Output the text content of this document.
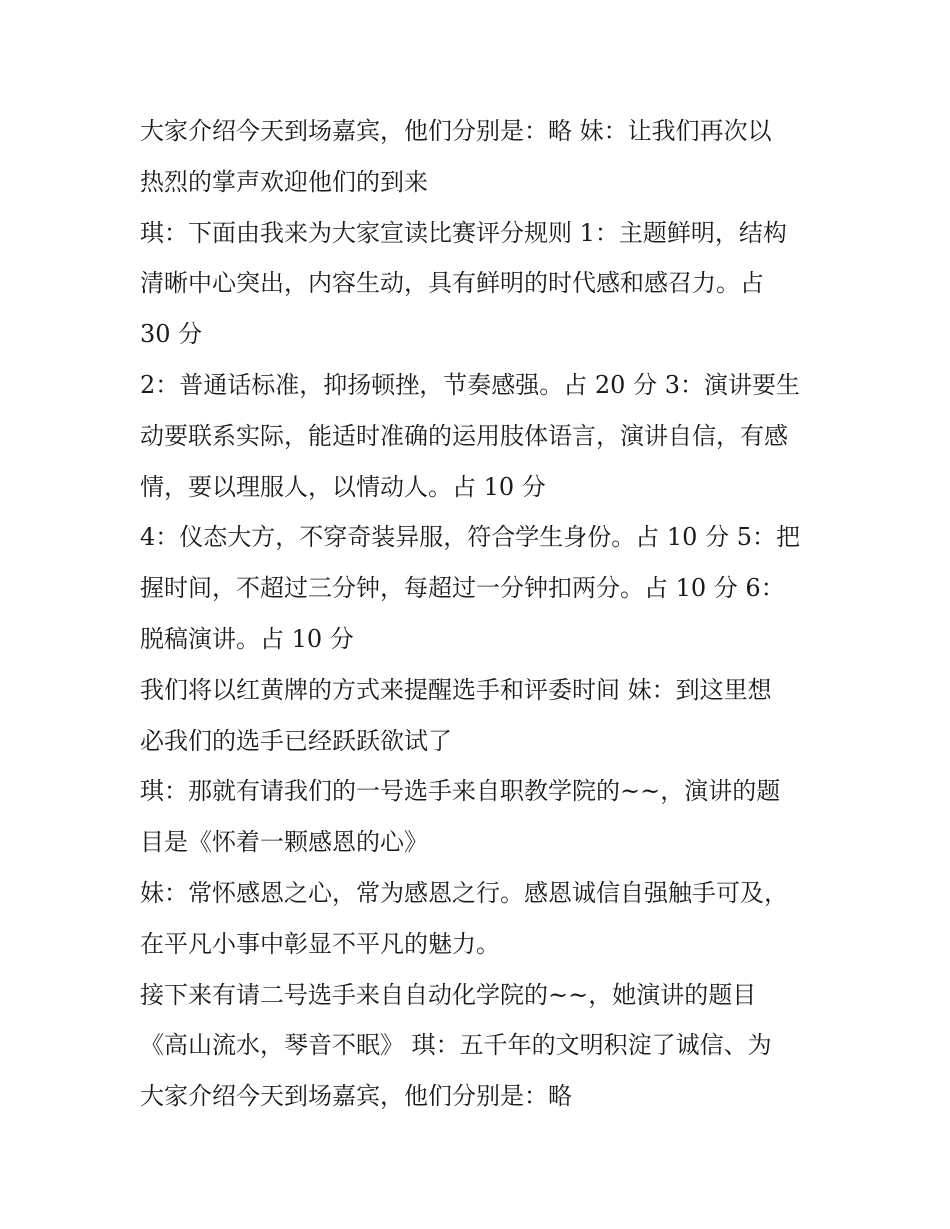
大家介绍今天到场嘉宾，他们分别是：略 妹：让我们再次以
热烈的掌声欢迎他们的到来
琪：下面由我来为大家宣读比赛评分规则 1：主题鲜明，结构
清晰中心突出，内容生动，具有鲜明的时代感和感召力。占
30 分
2：普通话标准，抑扬顿挫，节奏感强。占 20 分 3：演讲要生
动要联系实际，能适时准确的运用肢体语言，演讲自信，有感
情，要以理服人，以情动人。占 10 分
4：仪态大方，不穿奇装异服，符合学生身份。占 10 分 5：把
握时间，不超过三分钟，每超过一分钟扣两分。占 10 分 6：
脱稿演讲。占 10 分
我们将以红黄牌的方式来提醒选手和评委时间 妹：到这里想
必我们的选手已经跃跃欲试了
琪：那就有请我们的一号选手来自职教学院的~~，演讲的题
目是《怀着一颗感恩的心》
妹：常怀感恩之心，常为感恩之行。感恩诚信自强触手可及，
在平凡小事中彰显不平凡的魅力。
接下来有请二号选手来自自动化学院的~~，她演讲的题目
《高山流水，琴音不眠》 琪：五千年的文明积淀了诚信、为
大家介绍今天到场嘉宾，他们分别是：略
